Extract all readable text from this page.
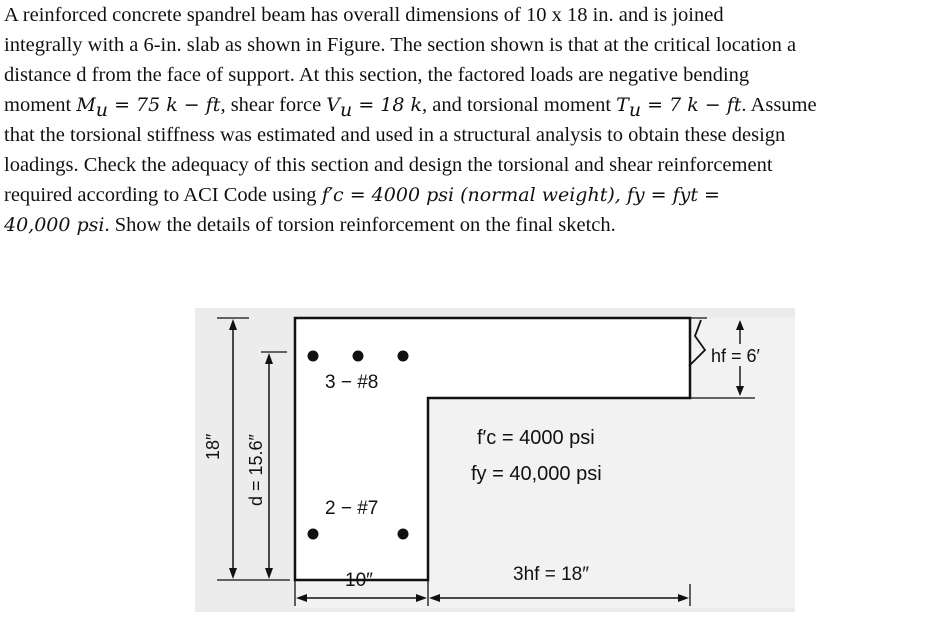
A reinforced concrete spandrel beam has overall dimensions of 10 x 18 in. and is joined

integrally with a 6-in. slab as shown in Figure. The section shown is that at the critical location a

distance d from the face of support. At this section, the factored loads are negative bending

moment $M_u = 75$ k − ft, shear force $V_u = 18$ k, and torsional moment $T_u = 7$ k − ft. Assume

that the torsional stiffness was estimated and used in a structural analysis to obtain these design

loadings. Check the adequacy of this section and design the torsional and shear reinforcement

required according to ACI Code using f′c = 4000 psi (normal weight), fy = fyt =

40,000 psi. Show the details of torsion reinforcement on the final sketch.

3 − #8
2 − #7
f′c = 4000 psi
fy = 40,000 psi
18″ d = 15.6″
10″	3hf = 18″
hf = 6′
